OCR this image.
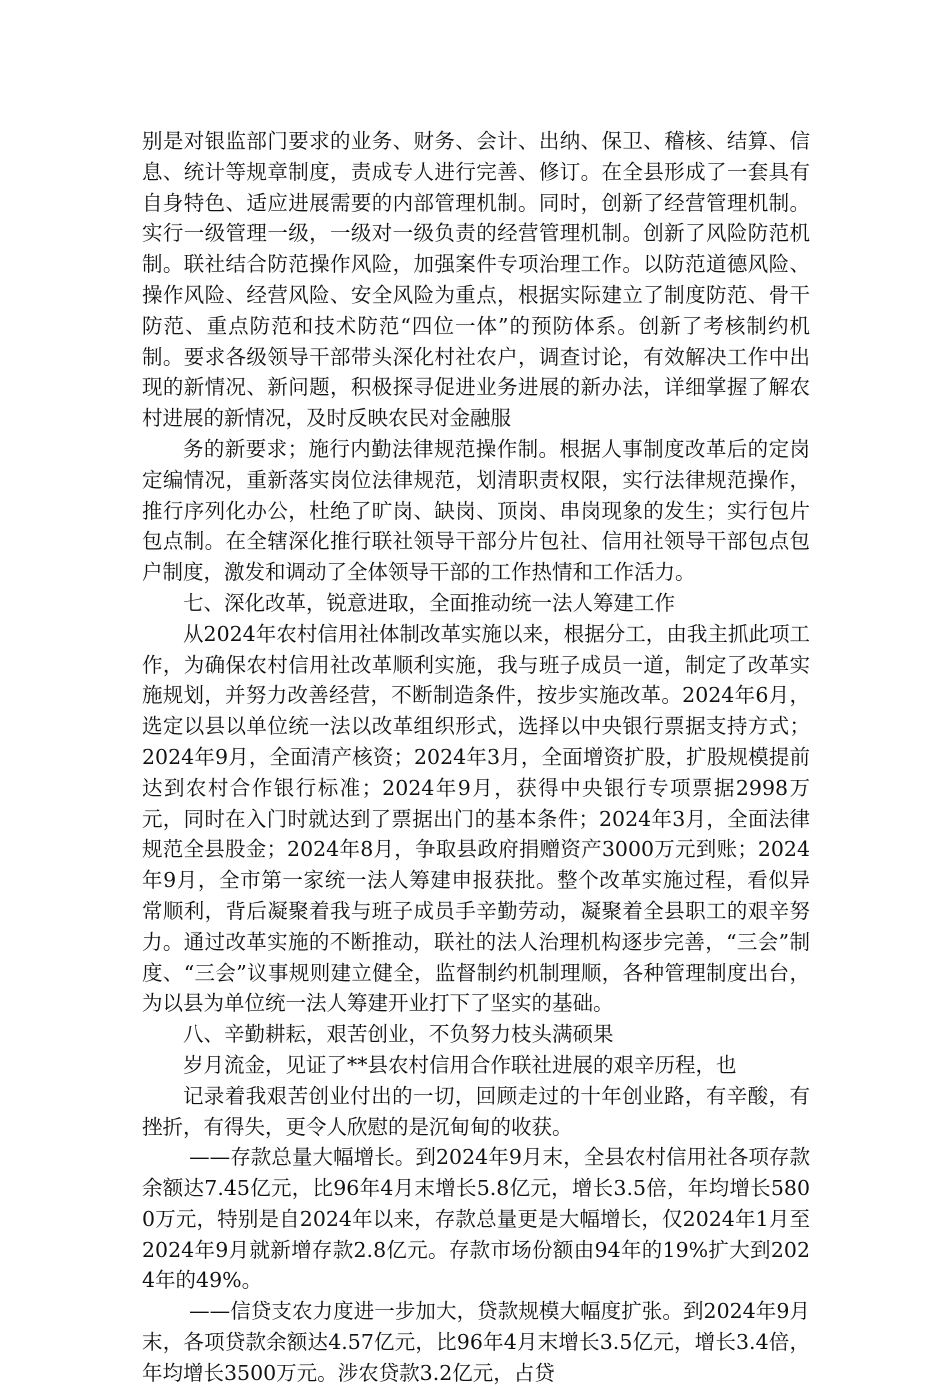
别是对银监部门要求的业务、财务、会计、出纳、保卫、稽核、结算、信息、统计等规章制度，责成专人进行完善、修订。在全县形成了一套具有自身特色、适应进展需要的内部管理机制。同时，创新了经营管理机制。实行一级管理一级，一级对一级负责的经营管理机制。创新了风险防范机制。联社结合防范操作风险，加强案件专项治理工作。以防范道德风险、操作风险、经营风险、安全风险为重点，根据实际建立了制度防范、骨干防范、重点防范和技术防范“四位一体”的预防体系。创新了考核制约机制。要求各级领导干部带头深化村社农户，调查讨论，有效解决工作中出现的新情况、新问题，积极探寻促进业务进展的新办法，详细掌握了解农村进展的新情况，及时反映农民对金融服

务的新要求；施行内勤法律规范操作制。根据人事制度改革后的定岗定编情况，重新落实岗位法律规范，划清职责权限，实行法律规范操作，推行序列化办公，杜绝了旷岗、缺岗、顶岗、串岗现象的发生；实行包片包点制。在全辖深化推行联社领导干部分片包社、信用社领导干部包点包户制度，激发和调动了全体领导干部的工作热情和工作活力。

七、深化改革，锐意进取，全面推动统一法人筹建工作

从2024年农村信用社体制改革实施以来，根据分工，由我主抓此项工作，为确保农村信用社改革顺利实施，我与班子成员一道，制定了改革实施规划，并努力改善经营，不断制造条件，按步实施改革。2024年6月，选定以县以单位统一法以改革组织形式，选择以中央银行票据支持方式；2024年9月，全面清产核资；2024年3月，全面增资扩股，扩股规模提前达到农村合作银行标准；2024年9月，获得中央银行专项票据2998万元，同时在入门时就达到了票据出门的基本条件；2024年3月，全面法律规范全县股金；2024年8月，争取县政府捐赠资产3000万元到账；2024年9月，全市第一家统一法人筹建申报获批。整个改革实施过程，看似异常顺利，背后凝聚着我与班子成员手辛勤劳动，凝聚着全县职工的艰辛努力。通过改革实施的不断推动，联社的法人治理机构逐步完善，“三会”制度、“三会”议事规则建立健全，监督制约机制理顺，各种管理制度出台，为以县为单位统一法人筹建开业打下了坚实的基础。

八、辛勤耕耘，艰苦创业，不负努力枝头满硕果

岁月流金，见证了**县农村信用合作联社进展的艰辛历程，也

记录着我艰苦创业付出的一切，回顾走过的十年创业路，有辛酸，有挫折，有得失，更令人欣慰的是沉甸甸的收获。

——存款总量大幅增长。到2024年9月末，全县农村信用社各项存款余额达7.45亿元，比96年4月末增长5.8亿元，增长3.5倍，年均增长5800万元，特别是自2024年以来，存款总量更是大幅增长，仅2024年1月至2024年9月就新增存款2.8亿元。存款市场份额由94年的19%扩大到2024年的49%。

——信贷支农力度进一步加大，贷款规模大幅度扩张。到2024年9月末，各项贷款余额达4.57亿元，比96年4月末增长3.5亿元，增长3.4倍，年均增长3500万元。涉农贷款3.2亿元，占贷
